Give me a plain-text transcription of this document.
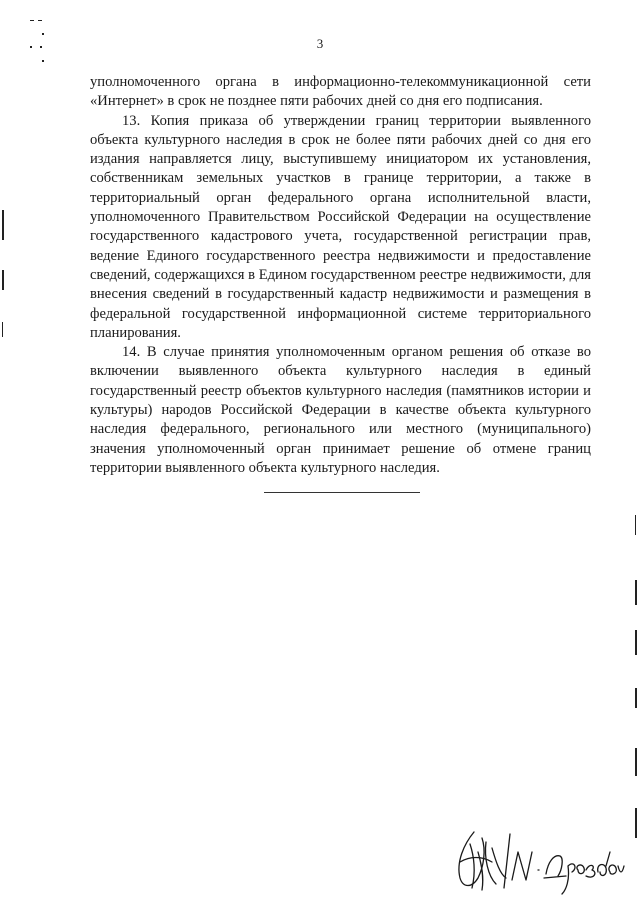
3

уполномоченного органа в информационно-телекоммуникационной сети «Интернет» в срок не позднее пяти рабочих дней со дня его подписания.

13. Копия приказа об утверждении границ территории выявленного объекта культурного наследия в срок не более пяти рабочих дней со дня его издания направляется лицу, выступившему инициатором их установления, собственникам земельных участков в границе территории, а также в территориальный орган федерального органа исполнительной власти, уполномоченного Правительством Российской Федерации на осуществление государственного кадастрового учета, государственной регистрации прав, ведение Единого государственного реестра недвижимости и предоставление сведений, содержащихся в Едином государственном реестре недвижимости, для внесения сведений в государственный кадастр недвижимости и размещения в федеральной государственной информационной системе территориального планирования.

14. В случае принятия уполномоченным органом решения об отказе во включении выявленного объекта культурного наследия в единый государственный реестр объектов культурного наследия (памятников истории и культуры) народов Российской Федерации в качестве объекта культурного наследия федерального, регионального или местного (муниципального) значения уполномоченный орган принимает решение об отмене границ территории выявленного объекта культурного наследия.
